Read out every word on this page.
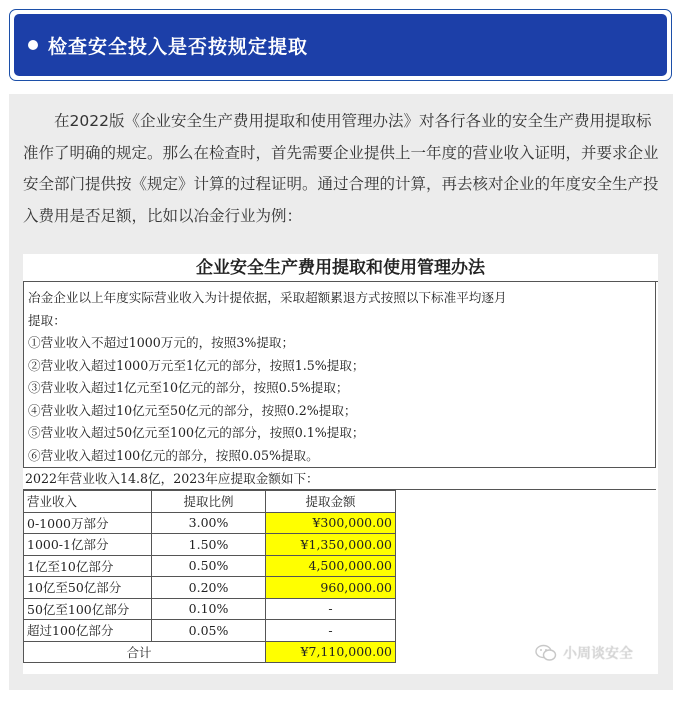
检查安全投入是否按规定提取

在2022版《企业安全生产费用提取和使用管理办法》对各行各业的安全生产费用提取标准作了明确的规定。那么在检查时，首先需要企业提供上一年度的营业收入证明，并要求企业安全部门提供按《规定》计算的过程证明。通过合理的计算，再去核对企业的年度安全生产投入费用是否足额，比如以冶金行业为例：

企业安全生产费用提取和使用管理办法
冶金企业以上年度实际营业收入为计提依据，采取超额累退方式按照以下标准平均逐月
提取：
①营业收入不超过1000万元的，按照3%提取；
②营业收入超过1000万元至1亿元的部分，按照1.5%提取；
③营业收入超过1亿元至10亿元的部分，按照0.5%提取；
④营业收入超过10亿元至50亿元的部分，按照0.2%提取；
⑤营业收入超过50亿元至100亿元的部分，按照0.1%提取；
⑥营业收入超过100亿元的部分，按照0.05%提取。
2022年营业收入14.8亿，2023年应提取金额如下：
营业收入	提取比例	提取金额
0-1000万部分	3.00%	¥300,000.00
1000-1亿部分	1.50%	¥1,350,000.00
1亿至10亿部分	0.50%	4,500,000.00
10亿至50亿部分	0.20%	960,000.00
50亿至100亿部分	0.10%	-
超过100亿部分	0.05%	-
合计		¥7,110,000.00	小周谈安全
